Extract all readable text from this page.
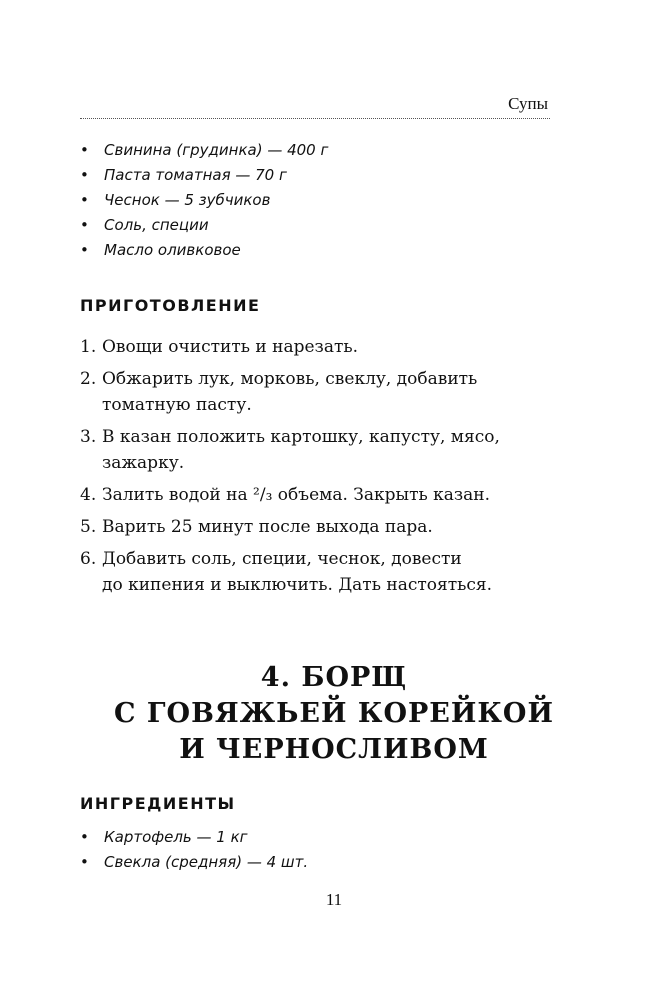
Супы
• Свинина (грудинка) — 400 г
• Паста томатная — 70 г
• Чеснок — 5 зубчиков
• Соль, специи
• Масло оливковое
ПРИГОТОВЛЕНИЕ
1. Овощи очистить и нарезать.
2. Обжарить лук, морковь, свеклу, добавить
томатную пасту.
3. В казан положить картошку, капусту, мясо,
зажарку.
4. Залить водой на ²/₃ объема. Закрыть казан.
5. Варить 25 минут после выхода пара.
6. Добавить соль, специи, чеснок, довести
до кипения и выключить. Дать настояться.
4. БОРЩ
С ГОВЯЖЬЕЙ КОРЕЙКОЙ
И ЧЕРНОСЛИВОМ
ИНГРЕДИЕНТЫ
• Картофель — 1 кг
• Свекла (средняя) — 4 шт.
11
